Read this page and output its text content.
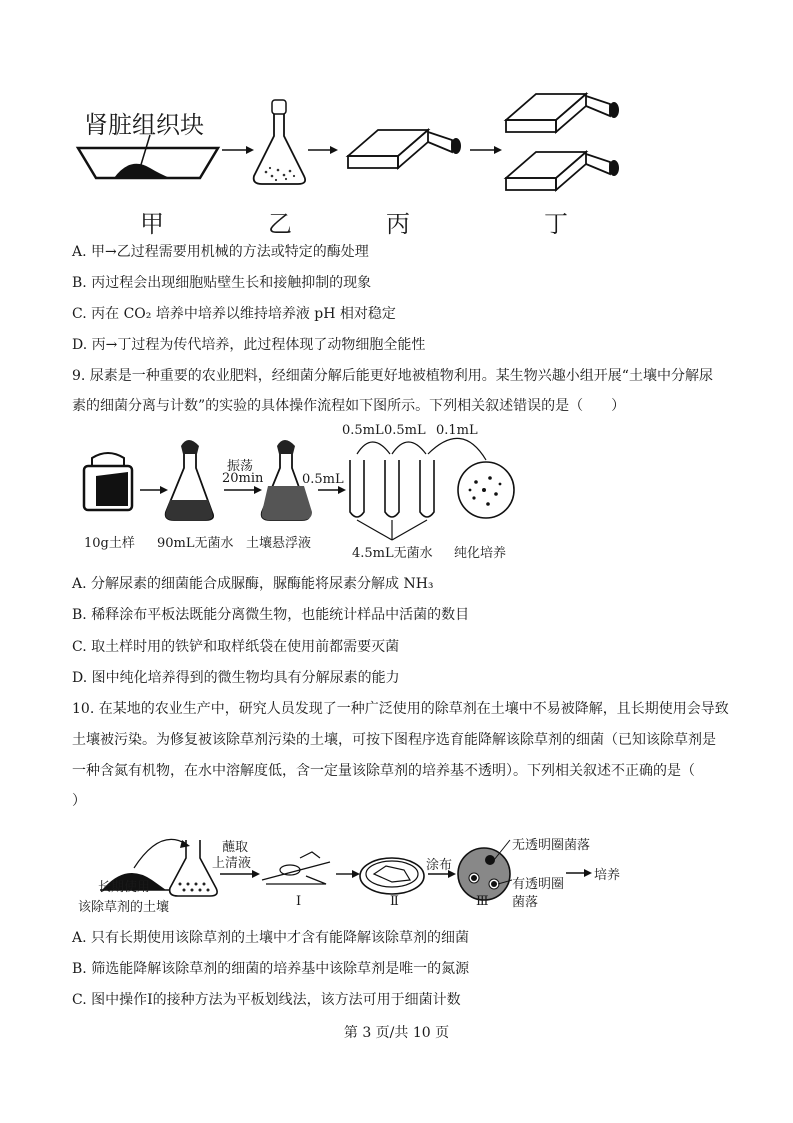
肾脏组织块
甲	乙	丙	丁
A. 甲→乙过程需要用机械的方法或特定的酶处理
B. 丙过程会出现细胞贴壁生长和接触抑制的现象
C. 丙在 CO₂ 培养中培养以维持培养液 pH 相对稳定
D. 丙→丁过程为传代培养，此过程体现了动物细胞全能性
9. 尿素是一种重要的农业肥料，经细菌分解后能更好地被植物利用。某生物兴趣小组开展“土壤中分解尿
素的细菌分离与计数”的实验的具体操作流程如下图所示。下列相关叙述错误的是（　　）
0.5mL 0.5mL 0.1mL
振荡
20min	0.5mL
10g土样 90mL无菌水 土壤悬浮液
4.5mL无菌水 纯化培养
A. 分解尿素的细菌能合成脲酶，脲酶能将尿素分解成 NH₃
B. 稀释涂布平板法既能分离微生物，也能统计样品中活菌的数目
C. 取土样时用的铁铲和取样纸袋在使用前都需要灭菌
D. 图中纯化培养得到的微生物均具有分解尿素的能力
10. 在某地的农业生产中，研究人员发现了一种广泛使用的除草剂在土壤中不易被降解，且长期使用会导致
土壤被污染。为修复被该除草剂污染的土壤，可按下图程序选育能降解该除草剂的细菌（已知该除草剂是
一种含氮有机物，在水中溶解度低，含一定量该除草剂的培养基不透明）。下列相关叙述不正确的是（
）
长期使用
该除草剂的土壤
蘸取
上清液
Ⅰ	Ⅱ
涂布
Ⅲ
无透明圈菌落
有透明圈
菌落
培养
A. 只有长期使用该除草剂的土壤中才含有能降解该除草剂的细菌
B. 筛选能降解该除草剂的细菌的培养基中该除草剂是唯一的氮源
C. 图中操作Ⅰ的接种方法为平板划线法，该方法可用于细菌计数
第 3 页/共 10 页
